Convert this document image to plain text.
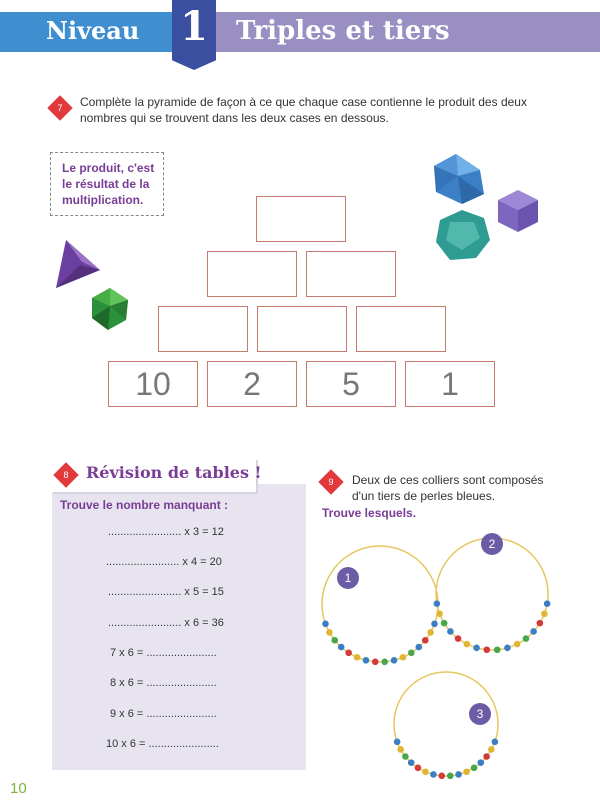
Niveau 1	Triples et tiers
7	Complète la pyramide de façon à ce que chaque case contienne le produit des deux
nombres qui se trouvent dans les deux cases en dessous.
Le produit, c'est
le résultat de la
multiplication.
10	2	5	1
8	Révision de tables !
Trouve le nombre manquant :
........................ x 3 = 12
........................ x 4 = 20
........................ x 5 = 15
........................ x 6 = 36
7 x 6 = .......................
8 x 6 = .......................
9 x 6 = .......................
10 x 6 = .......................
9	Deux de ces colliers sont composés
d'un tiers de perles bleues.
Trouve lesquels.
1
2
3
10
